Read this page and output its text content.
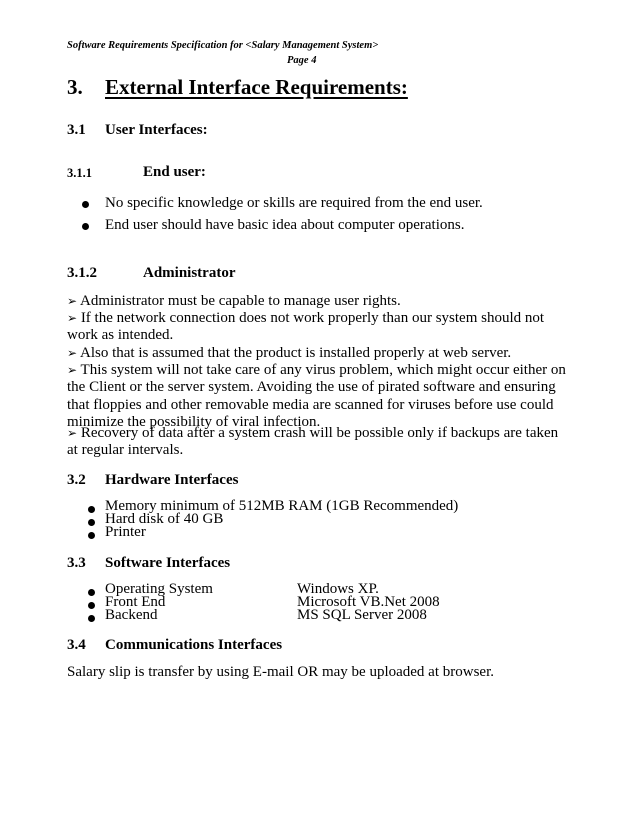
Software Requirements Specification for <Salary Management System>
Page 4
3. External Interface Requirements:
3.1 User Interfaces:
3.1.1	End user:
No specific knowledge or skills are required from the end user.
End user should have basic idea about computer operations.
3.1.2	Administrator
➢ Administrator must be capable to manage user rights.
➢ If the network connection does not work properly than our system should not work as intended.
➢ Also that is assumed that the product is installed properly at web server.
➢ This system will not take care of any virus problem, which might occur either on the Client or the server system. Avoiding the use of pirated software and ensuring that floppies and other removable media are scanned for viruses before use could minimize the possibility of viral infection.
➢ Recovery of data after a system crash will be possible only if backups are taken at regular intervals.
3.2 Hardware Interfaces
Memory minimum of 512MB RAM (1GB Recommended)
Hard disk of 40 GB
Printer
3.3 Software Interfaces
Operating System	Windows XP.
Front End	Microsoft VB.Net 2008
Backend	MS SQL Server 2008
3.4 Communications Interfaces
Salary slip is transfer by using E-mail OR may be uploaded at browser.
